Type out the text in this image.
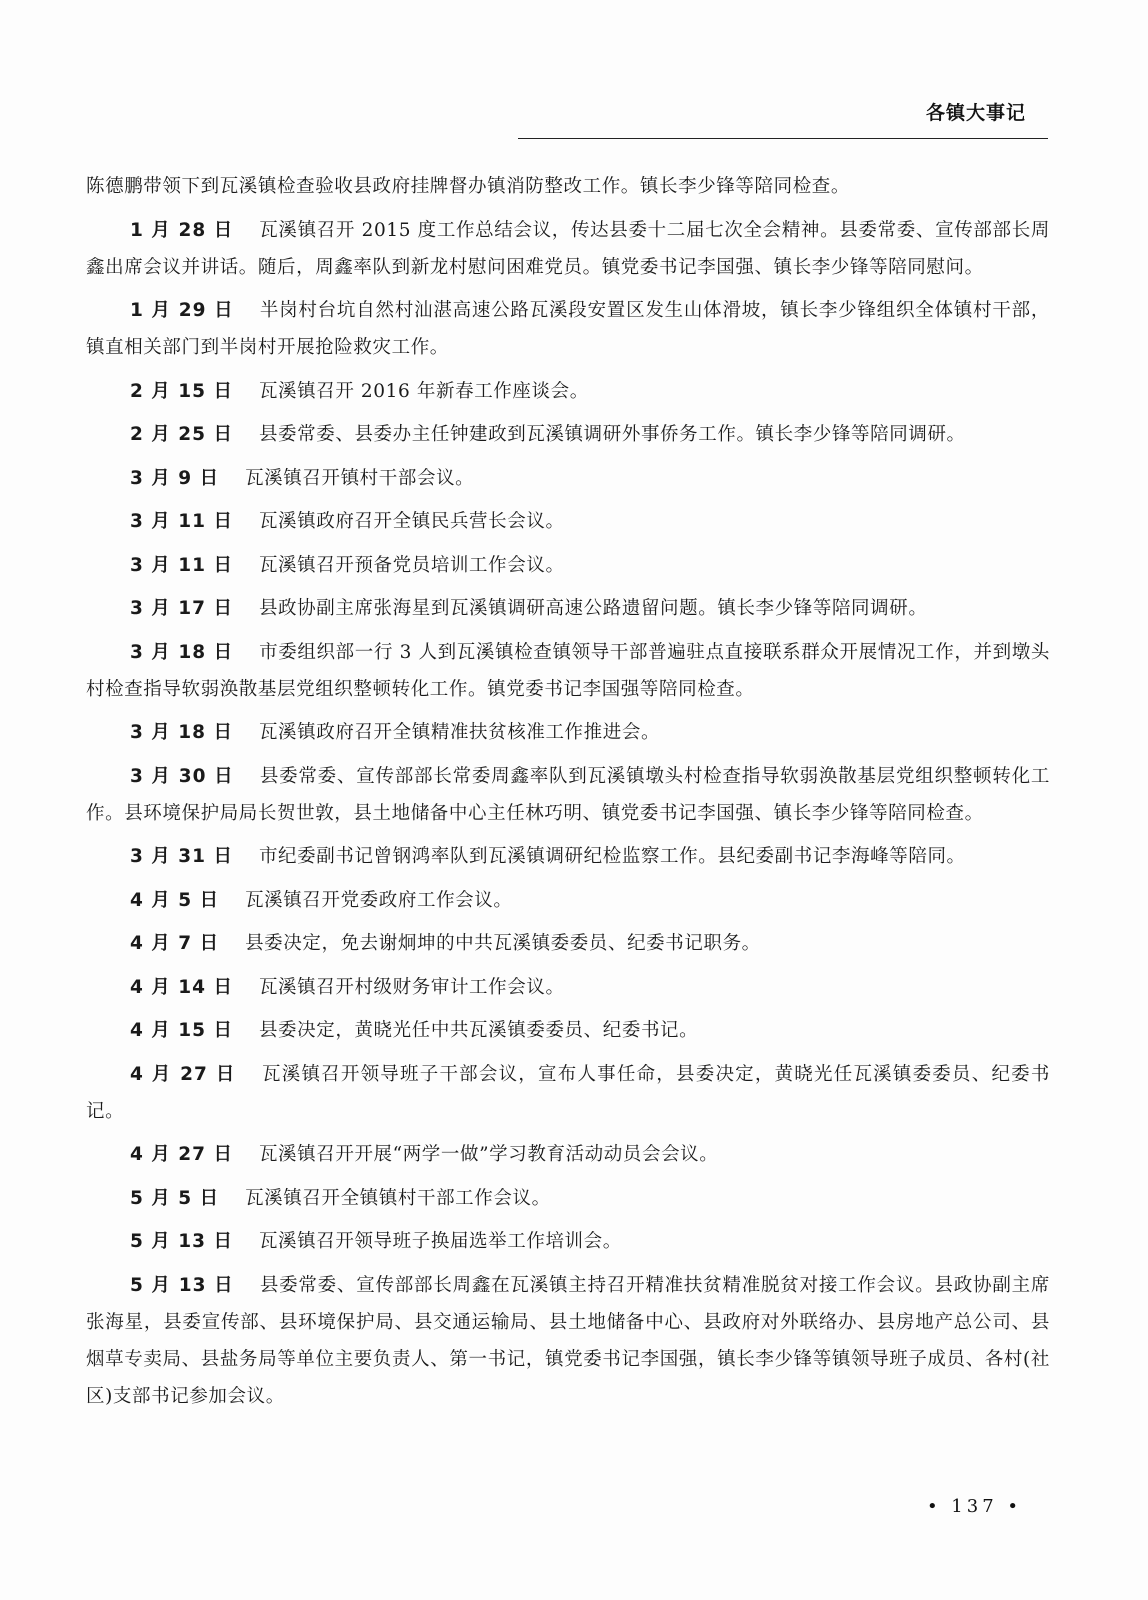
各镇大事记

陈德鹏带领下到瓦溪镇检查验收县政府挂牌督办镇消防整改工作。镇长李少锋等陪同检查。

1 月 28 日 瓦溪镇召开 2015 度工作总结会议，传达县委十二届七次全会精神。县委常委、宣传部部长周鑫出席会议并讲话。随后，周鑫率队到新龙村慰问困难党员。镇党委书记李国强、镇长李少锋等陪同慰问。

1 月 29 日 半岗村台坑自然村汕湛高速公路瓦溪段安置区发生山体滑坡，镇长李少锋组织全体镇村干部，镇直相关部门到半岗村开展抢险救灾工作。

2 月 15 日 瓦溪镇召开 2016 年新春工作座谈会。

2 月 25 日 县委常委、县委办主任钟建政到瓦溪镇调研外事侨务工作。镇长李少锋等陪同调研。

3 月 9 日 瓦溪镇召开镇村干部会议。

3 月 11 日 瓦溪镇政府召开全镇民兵营长会议。

3 月 11 日 瓦溪镇召开预备党员培训工作会议。

3 月 17 日 县政协副主席张海星到瓦溪镇调研高速公路遗留问题。镇长李少锋等陪同调研。

3 月 18 日 市委组织部一行 3 人到瓦溪镇检查镇领导干部普遍驻点直接联系群众开展情况工作，并到墩头村检查指导软弱涣散基层党组织整顿转化工作。镇党委书记李国强等陪同检查。

3 月 18 日 瓦溪镇政府召开全镇精准扶贫核准工作推进会。

3 月 30 日 县委常委、宣传部部长常委周鑫率队到瓦溪镇墩头村检查指导软弱涣散基层党组织整顿转化工作。县环境保护局局长贺世敦，县土地储备中心主任林巧明、镇党委书记李国强、镇长李少锋等陪同检查。

3 月 31 日 市纪委副书记曾钢鸿率队到瓦溪镇调研纪检监察工作。县纪委副书记李海峰等陪同。

4 月 5 日 瓦溪镇召开党委政府工作会议。

4 月 7 日 县委决定，免去谢炯坤的中共瓦溪镇委委员、纪委书记职务。

4 月 14 日 瓦溪镇召开村级财务审计工作会议。

4 月 15 日 县委决定，黄晓光任中共瓦溪镇委委员、纪委书记。

4 月 27 日 瓦溪镇召开领导班子干部会议，宣布人事任命，县委决定，黄晓光任瓦溪镇委委员、纪委书记。

4 月 27 日 瓦溪镇召开开展“两学一做”学习教育活动动员会会议。

5 月 5 日 瓦溪镇召开全镇镇村干部工作会议。

5 月 13 日 瓦溪镇召开领导班子换届选举工作培训会。

5 月 13 日 县委常委、宣传部部长周鑫在瓦溪镇主持召开精准扶贫精准脱贫对接工作会议。县政协副主席张海星，县委宣传部、县环境保护局、县交通运输局、县土地储备中心、县政府对外联络办、县房地产总公司、县烟草专卖局、县盐务局等单位主要负责人、第一书记，镇党委书记李国强，镇长李少锋等镇领导班子成员、各村(社区)支部书记参加会议。

• 137 •
